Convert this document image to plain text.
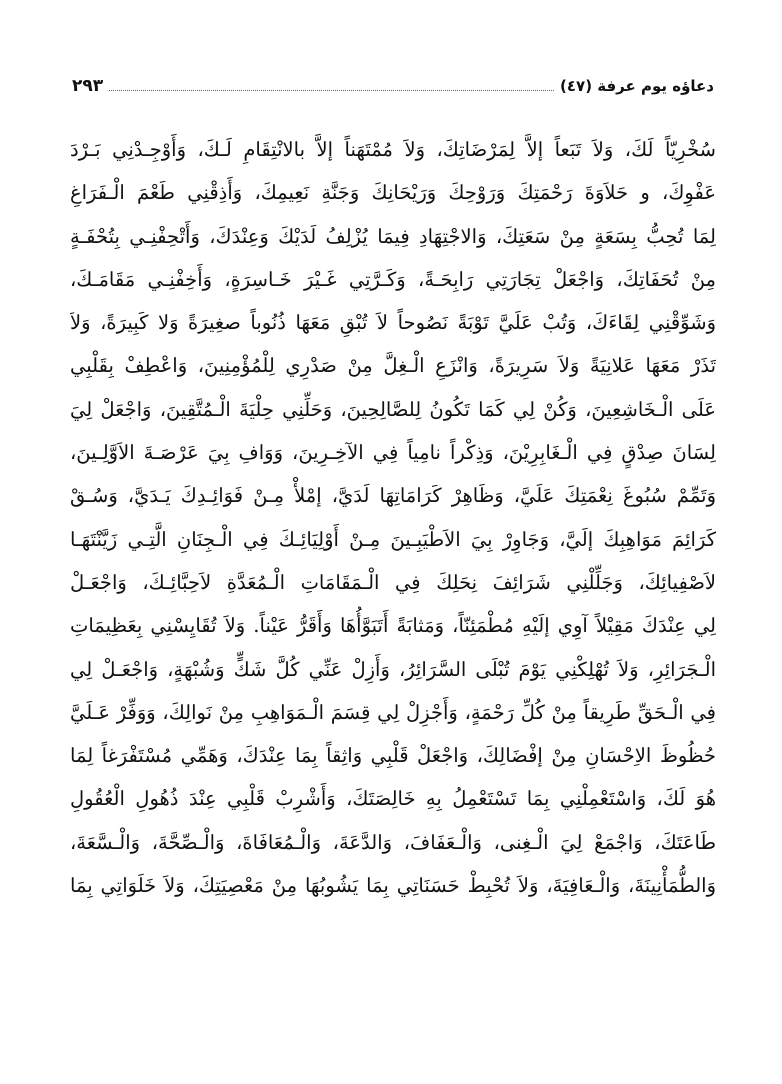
دعاؤه يوم عرفة (٤٧)
٢٩٣
سُخْرِيّاً لَكَ، وَلاَ تَبَعاً إلاَّ لِمَرْضَاتِكَ، وَلاَ مُمْتَهَناً إلاَّ بالانْتِقَامِ لَـكَ، وَأَوْجِـدْنِي بَـرْدَ
عَفْوِكَ، و حَلاَوَةَ رَحْمَتِكَ وَرَوْحِكَ وَرَيْحَانِكَ وَجَنَّةِ نَعِيمِكَ، وَأَذِقْنِي طَعْمَ الْـفَرَاغِ
لِمَا تُحِبُّ بِسَعَةٍ مِنْ سَعَتِكَ، وَالاجْتِهَادِ فِيمَا يُزْلِفُ لَدَيْكَ وَعِنْدَكَ، وَأَتْحِفْنِـي بِتُحْفَـةٍ
مِنْ تُحَفَاتِكَ، وَاجْعَلْ تِجَارَتِي رَابِحَـةً، وَكَـرَّتِي غَـيْرَ خَـاسِرَةٍ، وَأَخِفْنِـي مَقَامَـكَ،
وَشَوِّقْنِي لِقَاءَكَ، وَتُبْ عَلَيَّ تَوْبَةً نَصُوحاً لاَ تُبْقِ مَعَهَا ذُنُوباً صغِيرَةً وَلا كَبِيرَةً، وَلاَ
تَذَرْ مَعَهَا عَلانِيَةً وَلاَ سَرِيرَةً، وَانْزَعِ الْـغِلَّ مِنْ صَدْرِي لِلْمُؤْمِنِينَ، وَاعْطِفْ بِقَلْبِي
عَلَى الْـخَاشِعِينَ، وَكُنْ لِي كَمَا تَكُونُ لِلصَّالِحِينَ، وَحَلِّنِي حِلْيَةَ الْـمُتَّقِينَ، وَاجْعَلْ لِيَ
لِسَانَ صِدْقٍ فِي الْـغَابِرِيْنَ، وَذِكْراً نامِياً فِي الآخِـرِينَ، وَوَافِ بِيَ عَرْصَـةَ الاَوَّلِـينَ،
وَتَمِّمْ سُبُوغَ نِعْمَتِكَ عَلَيَّ، وَظَاهِرْ كَرَامَاتِهَا لَدَيَّ، إمْلأْ مِـنْ فَوَائِـدِكَ يَـدَيَّ، وَسُـقْ
كَرَائِمَ مَوَاهِبِكَ إلَيَّ، وَجَاوِرْ بِيَ الاَطْيَبِـينَ مِـنْ أَوْلِيَائِـكَ فِي الْـجِنَانِ الَّتِـي زَيَّنْتَهَـا
لاَصْفِيائِكَ، وَجَلِّلْنِي شَرَائِفَ نِحَلِكَ فِي الْـمَقَامَاتِ الْـمُعَدَّةِ لاَحِبَّائِـكَ، وَاجْعَـلْ
لِي عِنْدَكَ مَقِيْلاً آوِي إلَيْهِ مُطْمَئِنّاً، وَمَثابَةً أَتَبَوَّأُهَا وَأَقَرُّ عَيْناً. وَلاَ تُقَايِسْنِي بِعَظِيمَاتِ
الْـجَرَائِرِ، وَلاَ تُهْلِكْنِي يَوْمَ تُبْلَى السَّرَائِرُ، وَأَزِلْ عَنِّي كُلَّ شَكٍّ وَشُبْهَةٍ، وَاجْعَـلْ لِي
فِي الْـحَقِّ طَرِيقاً مِنْ كُلِّ رَحْمَةٍ، وَأَجْزِلْ لِي قِسَمَ الْـمَوَاهِبِ مِنْ نَوالِكَ، وَوَفِّرْ عَـلَيَّ
حُظُوظَ الاِحْسَانِ مِنْ إفْضَالِكَ، وَاجْعَلْ قَلْبِي وَاثِقاً بِمَا عِنْدَكَ، وَهَمِّي مُسْتَفْرَغاً لِمَا
هُوَ لَكَ، وَاسْتَعْمِلْنِي بِمَا تَسْتَعْمِلُ بِهِ خَالِصَتَكَ، وَأَشْرِبْ قَلْبِي عِنْدَ ذُهُولِ الْعُقُولِ
طَاعَتَكَ، وَاجْمَعْ لِيَ الْـغِنى، وَالْـعَفَافَ، وَالدَّعَةَ، وَالْـمُعَافَاةَ، وَالْـصِّحَّةَ، وَالْـسَّعَةَ،
وَالطُّمَأْنِينَةَ، وَالْـعَافِيَةَ، وَلاَ تُحْبِطْ حَسَنَاتِي بِمَا يَشُوبُهَا مِنْ مَعْصِيَتِكَ، وَلاَ خَلَوَاتِي بِمَا
